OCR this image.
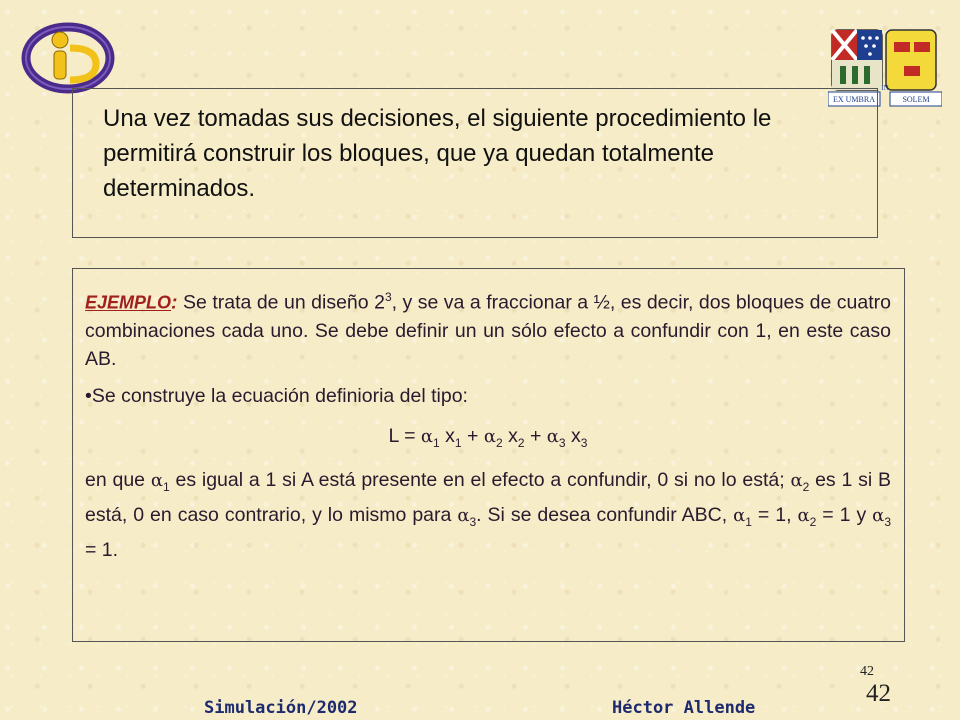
EX UMBRA
IN
SOLEM

Una vez tomadas sus decisiones, el siguiente procedimiento le permitirá construir los bloques, que ya quedan totalmente determinados.

EJEMPLO: Se trata de un diseño $2^3$, y se va a fraccionar a ½, es decir, dos bloques de cuatro combinaciones cada uno. Se debe definir un un sólo efecto a confundir con 1, en este caso AB.

•Se construye la ecuación definioria del tipo:

$L = \alpha_1$ $x_1 + \alpha_2$ $x_2 + \alpha_3$ $x_3$

en que $\alpha_1$ es igual a 1 si A está presente en el efecto a confundir, 0 si no lo está; $\alpha_2$ es 1 si B está, 0 en caso contrario, y lo mismo para $\alpha_3$. Si se desea confundir ABC, $\alpha_1 = 1$, $\alpha_2 = 1$ y $\alpha_3 = 1$.

42
42
Simulación/2002	Héctor Allende
